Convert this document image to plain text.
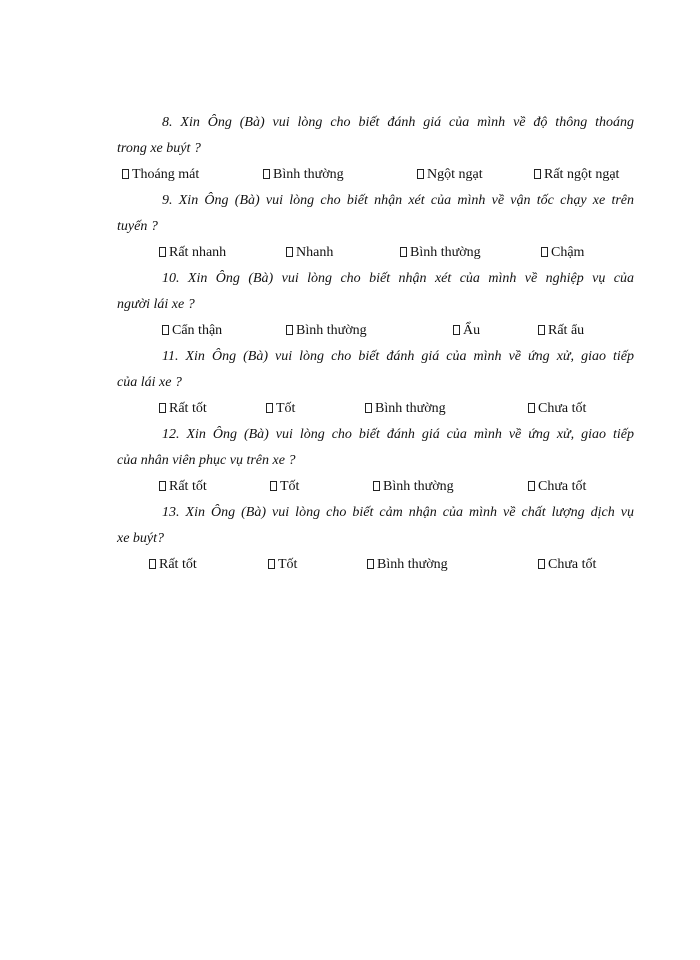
8. Xin Ông (Bà) vui lòng cho biết đánh giá của mình về độ thông thoáng
trong xe buýt ?
Thoáng mát	Bình thường	Ngột ngạt	Rất ngột ngạt
9. Xin Ông (Bà) vui lòng cho biết nhận xét của mình về vận tốc chạy xe trên
tuyến ?
Rất nhanh	Nhanh	Bình thường	Chậm
10. Xin Ông (Bà) vui lòng cho biết nhận xét của mình về nghiệp vụ của
người lái xe ?
Cẩn thận	Bình thường	Ẩu	Rất ẩu
11. Xin Ông (Bà) vui lòng cho biết đánh giá của mình về ứng xử, giao tiếp
của lái xe ?
Rất tốt	Tốt	Bình thường	Chưa tốt
12. Xin Ông (Bà) vui lòng cho biết đánh giá của mình về ứng xử, giao tiếp
của nhân viên phục vụ trên xe ?
Rất tốt	Tốt	Bình thường	Chưa tốt
13. Xin Ông (Bà) vui lòng cho biết cảm nhận của mình về chất lượng dịch vụ
xe buýt?
Rất tốt	Tốt	Bình thường	Chưa tốt
